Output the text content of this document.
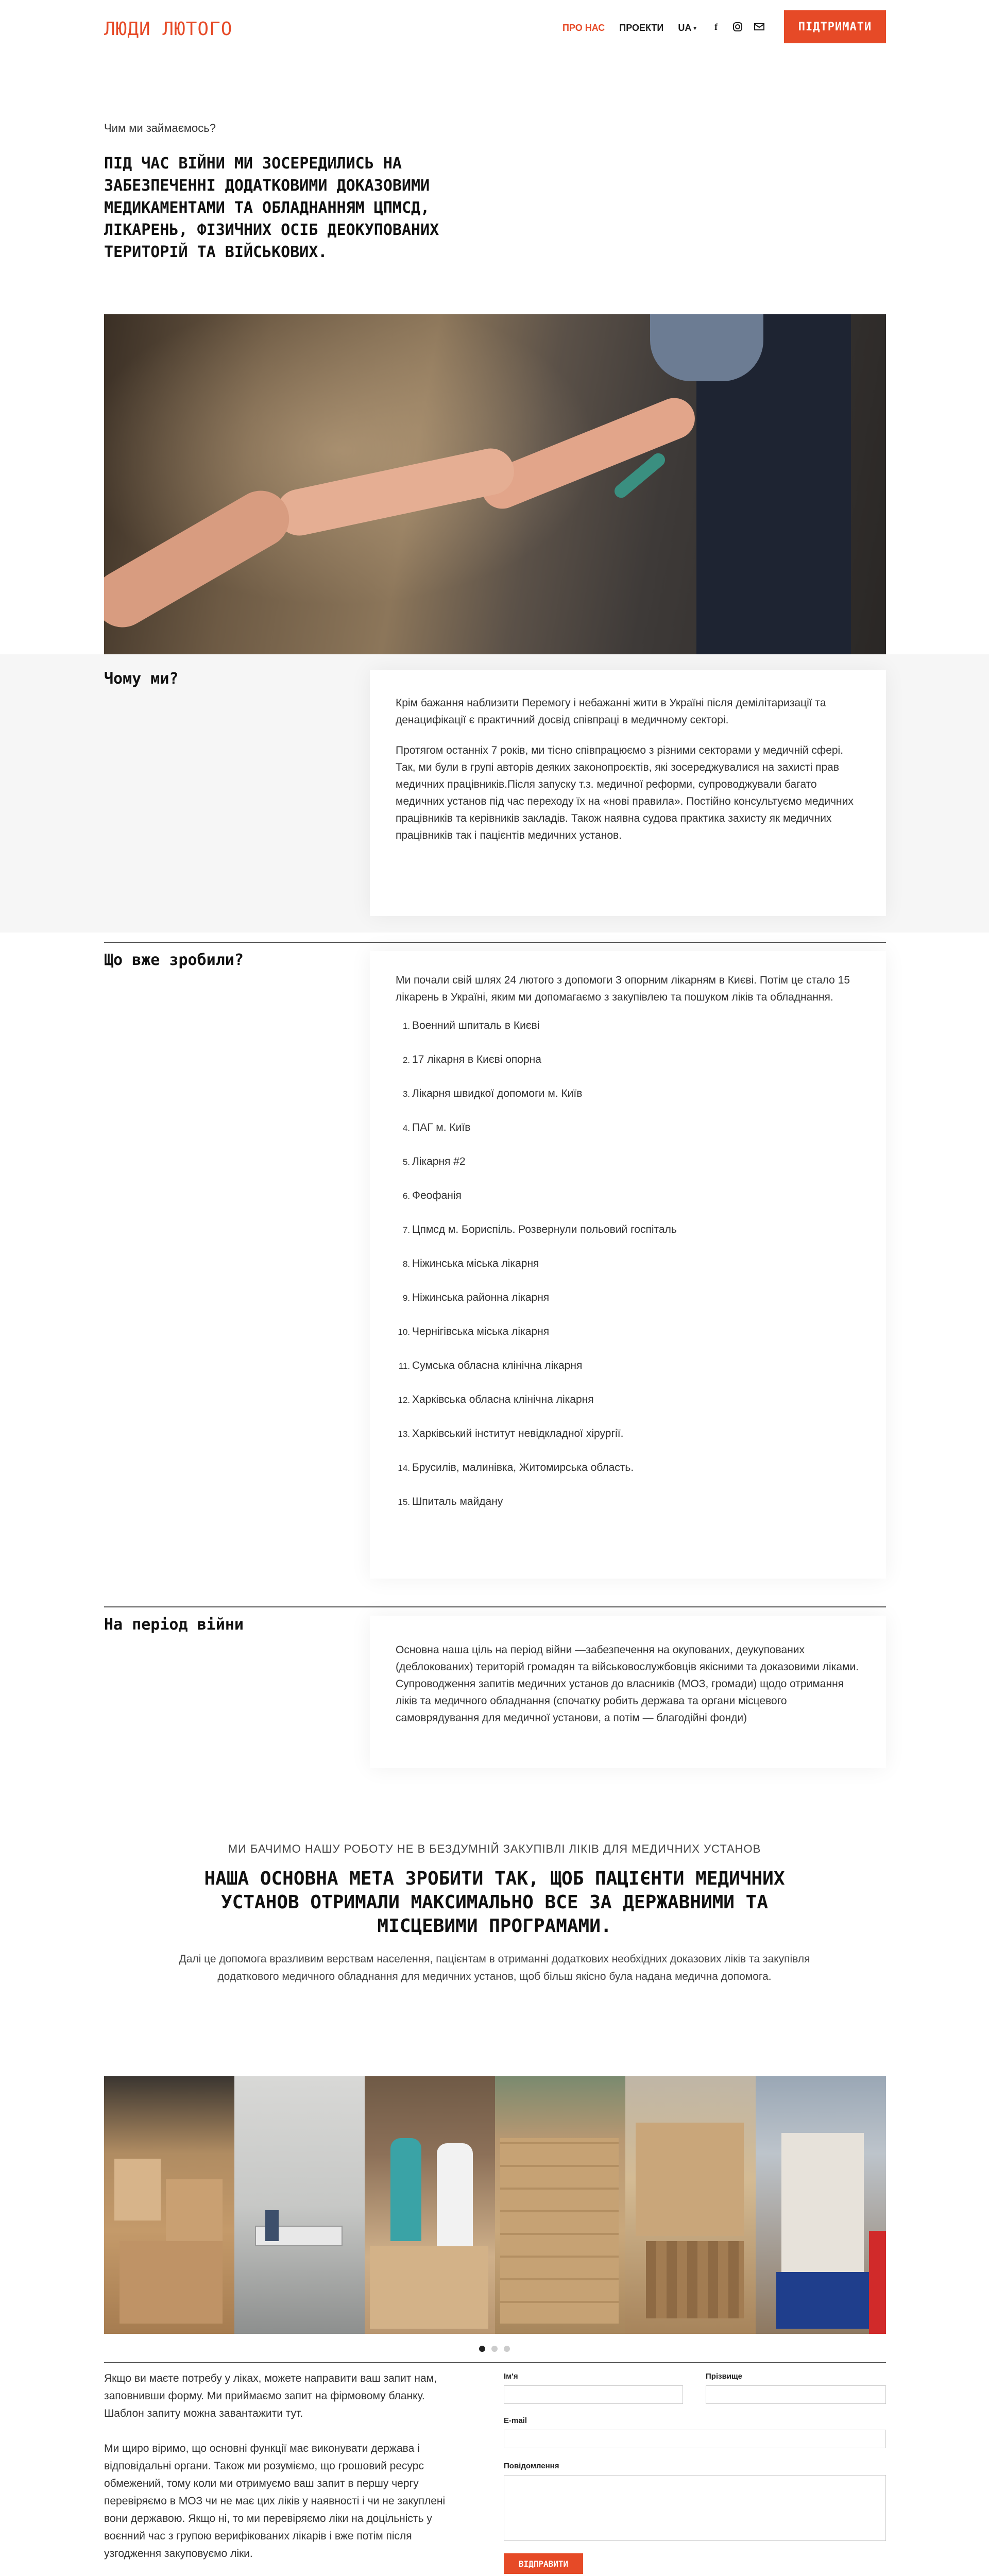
ЛЮДИ ЛЮТОГО	ПРО НАС ПРОЕКТИ UA ▾	f	ПІДТРИМАТИ
Чим ми займаємось?
ПІД ЧАС ВІЙНИ МИ ЗОСЕРЕДИЛИСЬ НА ЗАБЕЗПЕЧЕННІ ДОДАТКОВИМИ ДОКАЗОВИМИ МЕДИКАМЕНТАМИ ТА ОБЛАДНАННЯМ ЦПМСД, ЛІКАРЕНЬ, ФІЗИЧНИХ ОСІБ ДЕОКУПОВАНИХ ТЕРИТОРІЙ ТА ВІЙСЬКОВИХ.
Чому ми?

Крім бажання наблизити Перемогу і небажанні жити в Україні після демілітаризації та денацифікації є практичний досвід співпраці в медичному секторі.

Протягом останніх 7 років, ми тісно співпрацюємо з різними секторами у медичній сфері. Так, ми були в групі авторів деяких законопроєктів, які зосереджувалися на захисті прав медичних працівників.Після запуску т.з. медичної реформи, супроводжували багато медичних установ під час переходу їх на «нові правила». Постійно консультуємо медичних працівників та керівників закладів. Також наявна судова практика захисту як медичних працівників так і пацієнтів медичних установ.

Що вже зробили?

Ми почали свій шлях 24 лютого з допомоги 3 опорним лікарням в Києві. Потім це стало 15 лікарень в Україні, яким ми допомагаємо з закупівлею та пошуком ліків та обладнання.

1. Военний шпиталь в Києві
2. 17 лікарня в Києві опорна
3. Лікарня швидкої допомоги м. Київ
4. ПАГ м. Київ
5. Лікарня #2
6. Феофанія
7. Цпмсд м. Бориспіль. Розвернули польовий госпіталь
8. Ніжинська міська лікарня
9. Ніжинська районна лікарня
10. Чернігівська міська лікарня
11. Сумська обласна клінічна лікарня
12. Харківська обласна клінічна лікарня
13. Харківський інститут невідкладної хірургії.
14. Брусилів, малинівка, Житомирська область.
15. Шпиталь майдану
На період війни

Основна наша ціль на період війни —забезпечення на окупованих, деукупованих (деблокованих) територій громадян та військовослужбовців якісними та доказовими ліками. Супроводження запитів медичних установ до власників (МОЗ, громади) щодо отримання ліків та медичного обладнання (спочатку робить держава та органи місцевого самоврядування для медичної установи, а потім — благодійні фонди)

МИ БАЧИМО НАШУ РОБОТУ НЕ В БЕЗДУМНІЙ ЗАКУПІВЛІ ЛІКІВ ДЛЯ МЕДИЧНИХ УСТАНОВ
НАША ОСНОВНА МЕТА ЗРОБИТИ ТАК, ЩОБ ПАЦІЄНТИ МЕДИЧНИХ УСТАНОВ ОТРИМАЛИ МАКСИМАЛЬНО ВСЕ ЗА ДЕРЖАВНИМИ ТА МІСЦЕВИМИ ПРОГРАМАМИ.
Далі це допомога вразливим верствам населення, пацієнтам в отриманні додаткових необхідних доказових ліків та закупівля додаткового медичного обладнання для медичних установ, щоб більш якісно була надана медична допомога.

Якщо ви маєте потребу у ліках, можете направити ваш запит нам, заповнивши форму. Ми приймаємо запит на фірмовому бланку. Шаблон запиту можна завантажити тут.

Ми щиро віримо, що основні функції має виконувати держава і відповідальні органи. Також ми розуміємо, що грошовий ресурс обмежений, тому коли ми отримуємо ваш запит в першу чергу перевіряємо в МОЗ чи не має цих ліків у наявності і чи не закуплені вони державою. Якщо ні, то ми перевіряємо ліки на доцільність у воєнний час з групою верифікованих лікарів і вже потім після узгодження закуповуємо ліки.

Ім'я	Прізвище
E-mail
Повідомлення
ВІДПРАВИТИ
